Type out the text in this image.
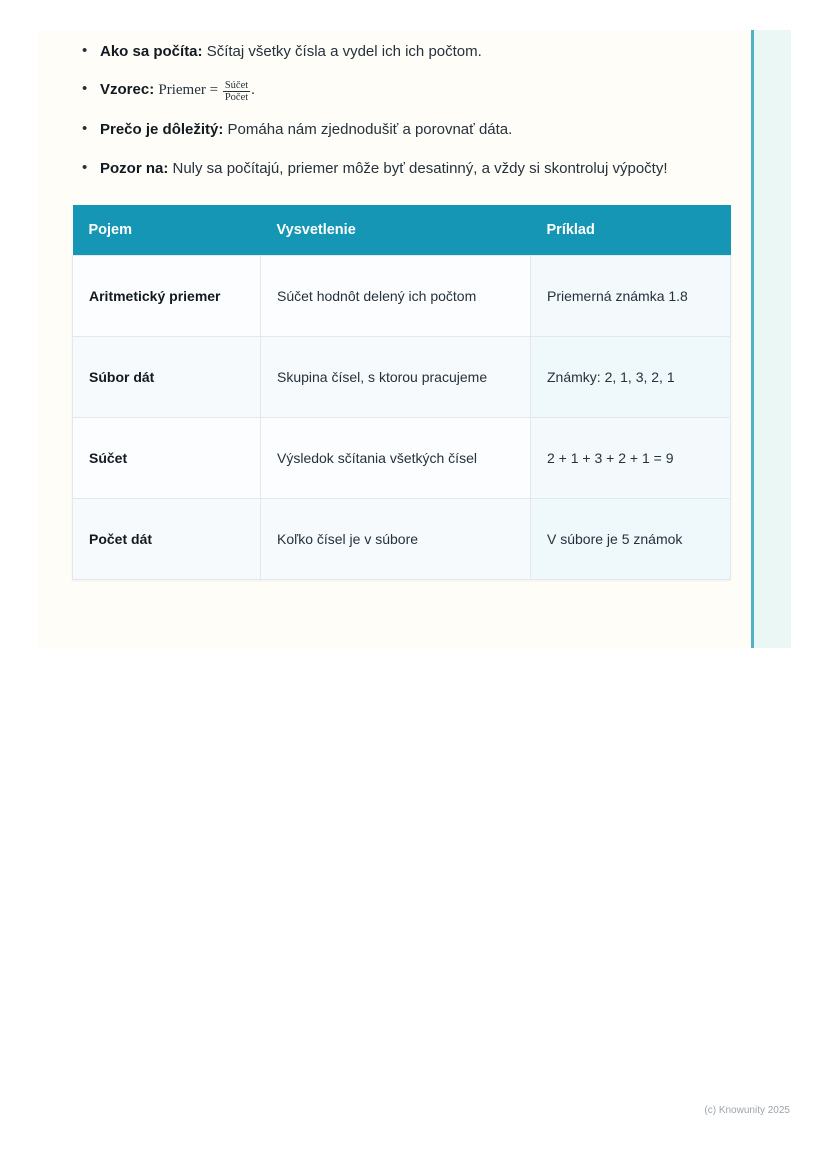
• Ako sa počíta: Sčítaj všetky čísla a vydel ich ich počtom.
• Vzorec: Priemer = $\frac{\text{Súčet}}{\text{Počet}}$ .
• Prečo je dôležitý: Pomáha nám zjednodušiť a porovnať dáta.
• Pozor na: Nuly sa počítajú, priemer môže byť desatinný, a vždy si skontroluj výpočty!
Pojem	Vysvetlenie	Príklad
Aritmetický priemer	Súčet hodnôt delený ich počtom	Priemerná známka 1.8
Súbor dát	Skupina čísel, s ktorou pracujeme	Známky: 2, 1, 3, 2, 1
Súčet	Výsledok sčítania všetkých čísel	2 + 1 + 3 + 2 + 1 = 9
Počet dát	Koľko čísel je v súbore	V súbore je 5 známok
(c) Knowunity 2025
